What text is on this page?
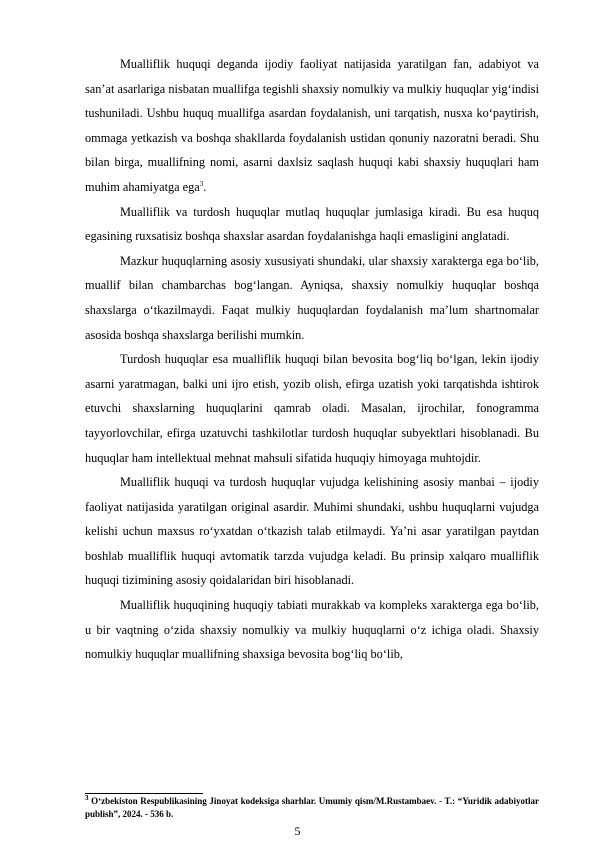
Mualliflik huquqi deganda ijodiy faoliyat natijasida yaratilgan fan, adabiyot va san’at asarlariga nisbatan muallifga tegishli shaxsiy nomulkiy va mulkiy huquqlar yig‘indisi tushuniladi. Ushbu huquq muallifga asardan foydalanish, uni tarqatish, nusxa ko‘paytirish, ommaga yetkazish va boshqa shakllarda foydalanish ustidan qonuniy nazoratni beradi. Shu bilan birga, muallifning nomi, asarni daxlsiz saqlash huquqi kabi shaxsiy huquqlari ham muhim ahamiyatga ega$^3$.

Mualliflik va turdosh huquqlar mutlaq huquqlar jumlasiga kiradi. Bu esa huquq egasining ruxsatisiz boshqa shaxslar asardan foydalanishga haqli emasligini anglatadi.

Mazkur huquqlarning asosiy xususiyati shundaki, ular shaxsiy xarakterga ega bo‘lib, muallif bilan chambarchas bog‘langan. Ayniqsa, shaxsiy nomulkiy huquqlar boshqa shaxslarga o‘tkazilmaydi. Faqat mulkiy huquqlardan foydalanish ma’lum shartnomalar asosida boshqa shaxslarga berilishi mumkin.

Turdosh huquqlar esa mualliflik huquqi bilan bevosita bog‘liq bo‘lgan, lekin ijodiy asarni yaratmagan, balki uni ijro etish, yozib olish, efirga uzatish yoki tarqatishda ishtirok etuvchi shaxslarning huquqlarini qamrab oladi. Masalan, ijrochilar, fonogramma tayyorlovchilar, efirga uzatuvchi tashkilotlar turdosh huquqlar subyektlari hisoblanadi. Bu huquqlar ham intellektual mehnat mahsuli sifatida huquqiy himoyaga muhtojdir.

Mualliflik huquqi va turdosh huquqlar vujudga kelishining asosiy manbai – ijodiy faoliyat natijasida yaratilgan original asardir. Muhimi shundaki, ushbu huquqlarni vujudga kelishi uchun maxsus ro‘yxatdan o‘tkazish talab etilmaydi. Ya’ni asar yaratilgan paytdan boshlab mualliflik huquqi avtomatik tarzda vujudga keladi. Bu prinsip xalqaro mualliflik huquqi tizimining asosiy qoidalaridan biri hisoblanadi.

Mualliflik huquqining huquqiy tabiati murakkab va kompleks xarakterga ega bo‘lib, u bir vaqtning o‘zida shaxsiy nomulkiy va mulkiy huquqlarni o‘z ichiga oladi. Shaxsiy nomulkiy huquqlar muallifning shaxsiga bevosita bog‘liq bo‘lib,

$^3$ O‘zbekiston Respublikasining Jinoyat kodeksiga sharhlar. Umumiy qism/M.Rustambaev. - T.: “Yuridik adabiyotlar publish”, 2024. - 536 b.
5
